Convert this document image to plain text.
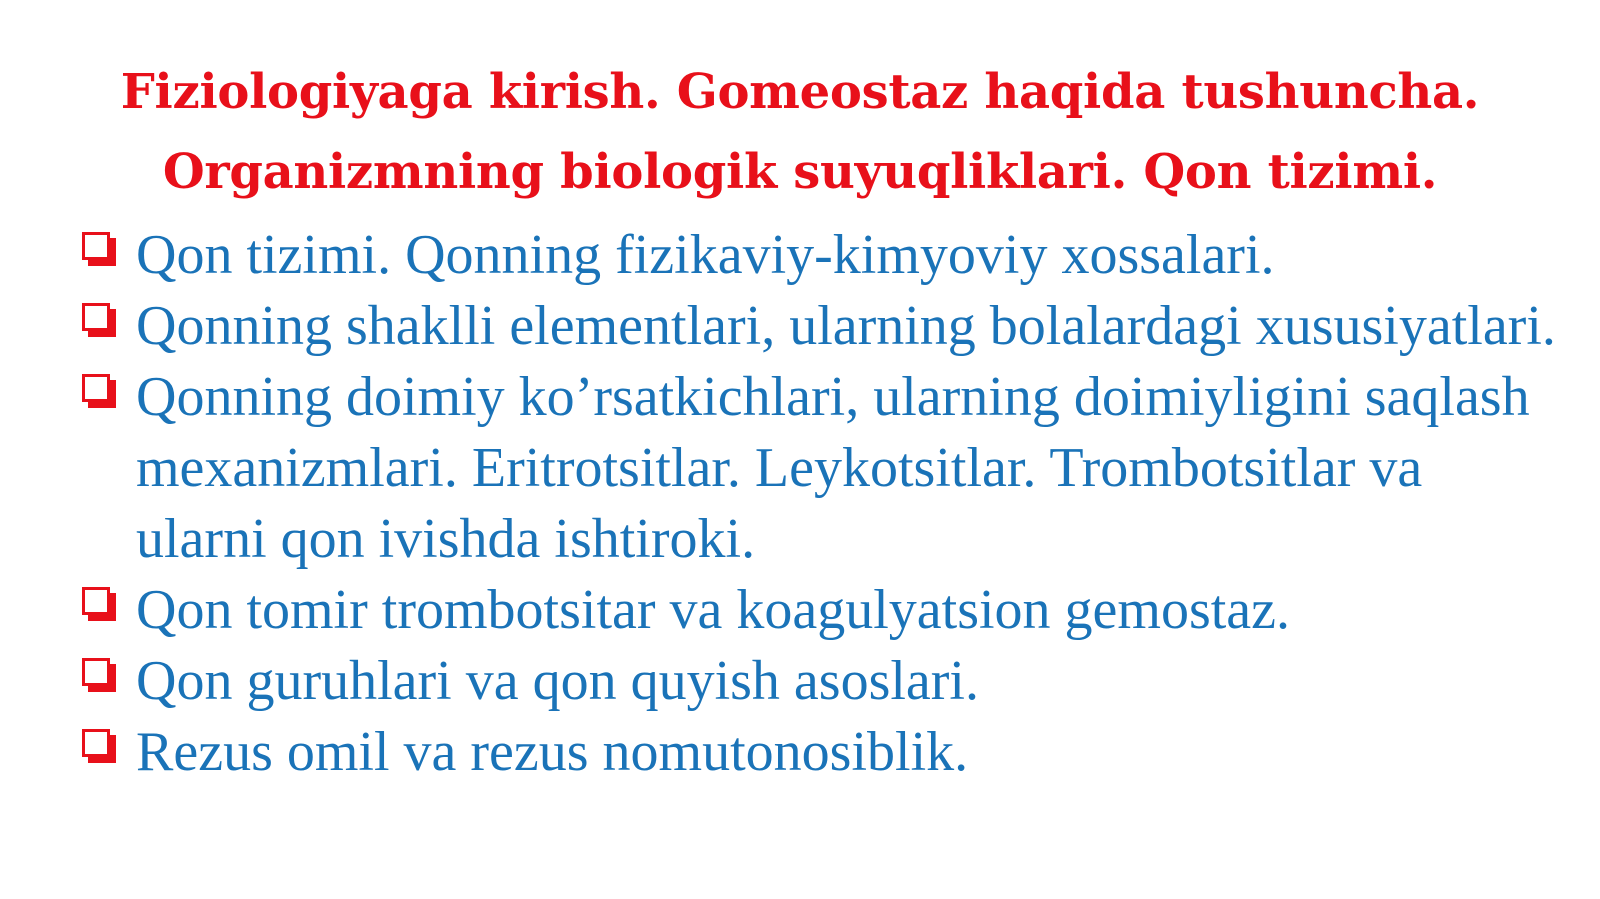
Fiziologiyaga kirish. Gomeostaz haqida tushuncha.
Organizmning biologik suyuqliklari. Qon tizimi.
Qon tizimi. Qonning fizikaviy-kimyoviy xossalari.
Qonning shaklli elementlari, ularning bolalardagi xususiyatlari.
Qonning doimiy ko’rsatkichlari, ularning doimiyligini saqlash mexanizmlari. Eritrotsitlar. Leykotsitlar. Trombotsitlar va ularni qon ivishda ishtiroki.
Qon tomir trombotsitar va koagulyatsion gemostaz.
Qon guruhlari va qon quyish asoslari.
Rezus omil va rezus nomutonosiblik.
